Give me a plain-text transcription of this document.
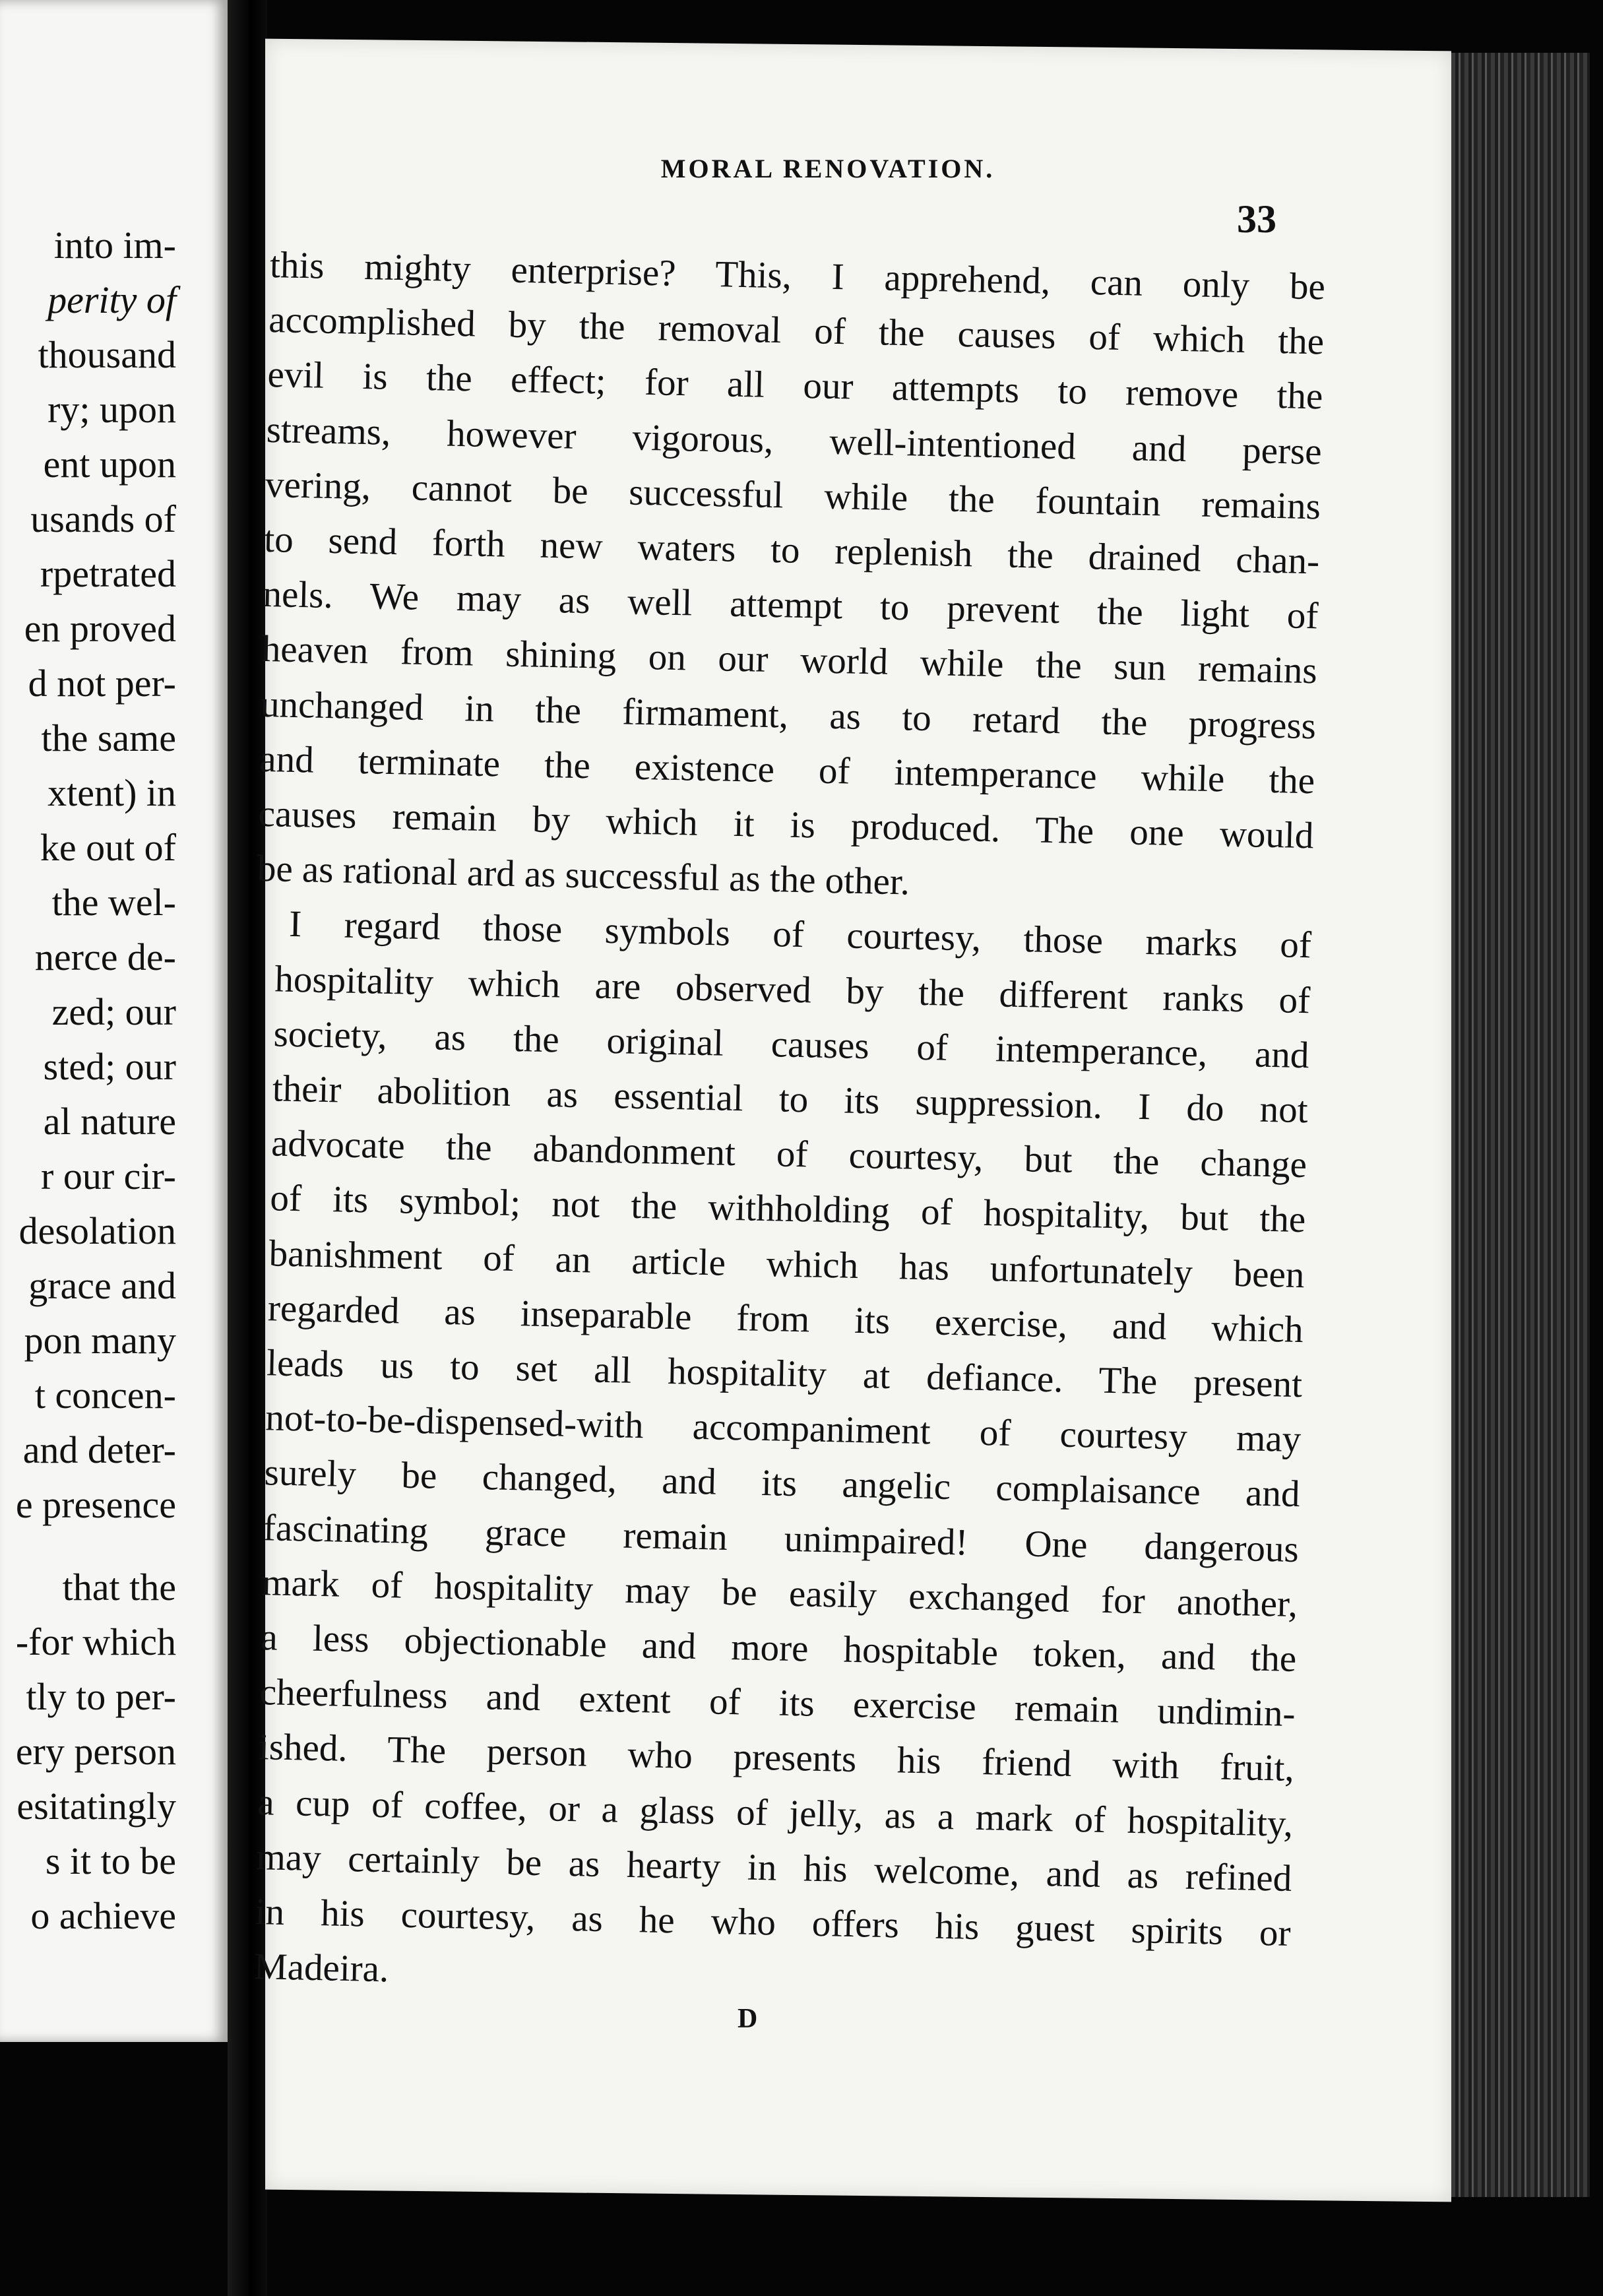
into im-
perity of
thousand
ry; upon
ent upon
usands of
rpetrated
en proved
d not per-
the same
xtent) in
ke out of
the wel-
nerce de-
zed; our
sted; our
al nature
r our cir-
desolation
grace and
pon many
t concen-
and deter-
e presence
that the
-for which
tly to per-
ery person
esitatingly
s it to be
o achieve
MORAL RENOVATION.
33
this mighty enterprise? This, I apprehend, can only be
accomplished by the removal of the causes of which the
evil is the effect; for all our attempts to remove the
streams, however vigorous, well-intentioned and perse
vering, cannot be successful while the fountain remains
to send forth new waters to replenish the drained chan-
nels. We may as well attempt to prevent the light of
heaven from shining on our world while the sun remains
unchanged in the firmament, as to retard the progress
and terminate the existence of intemperance while the
causes remain by which it is produced. The one would
be as rational ard as successful as the other.
I regard those symbols of courtesy, those marks of
hospitality which are observed by the different ranks of
society, as the original causes of intemperance, and
their abolition as essential to its suppression. I do not
advocate the abandonment of courtesy, but the change
of its symbol; not the withholding of hospitality, but the
banishment of an article which has unfortunately been
regarded as inseparable from its exercise, and which
leads us to set all hospitality at defiance. The present
not-to-be-dispensed-with accompaniment of courtesy may
surely be changed, and its angelic complaisance and
fascinating grace remain unimpaired! One dangerous
mark of hospitality may be easily exchanged for another,
a less objectionable and more hospitable token, and the
cheerfulness and extent of its exercise remain undimin-
ished. The person who presents his friend with fruit,
a cup of coffee, or a glass of jelly, as a mark of hospitality,
may certainly be as hearty in his welcome, and as refined
in his courtesy, as he who offers his guest spirits or
Madeira.
D
